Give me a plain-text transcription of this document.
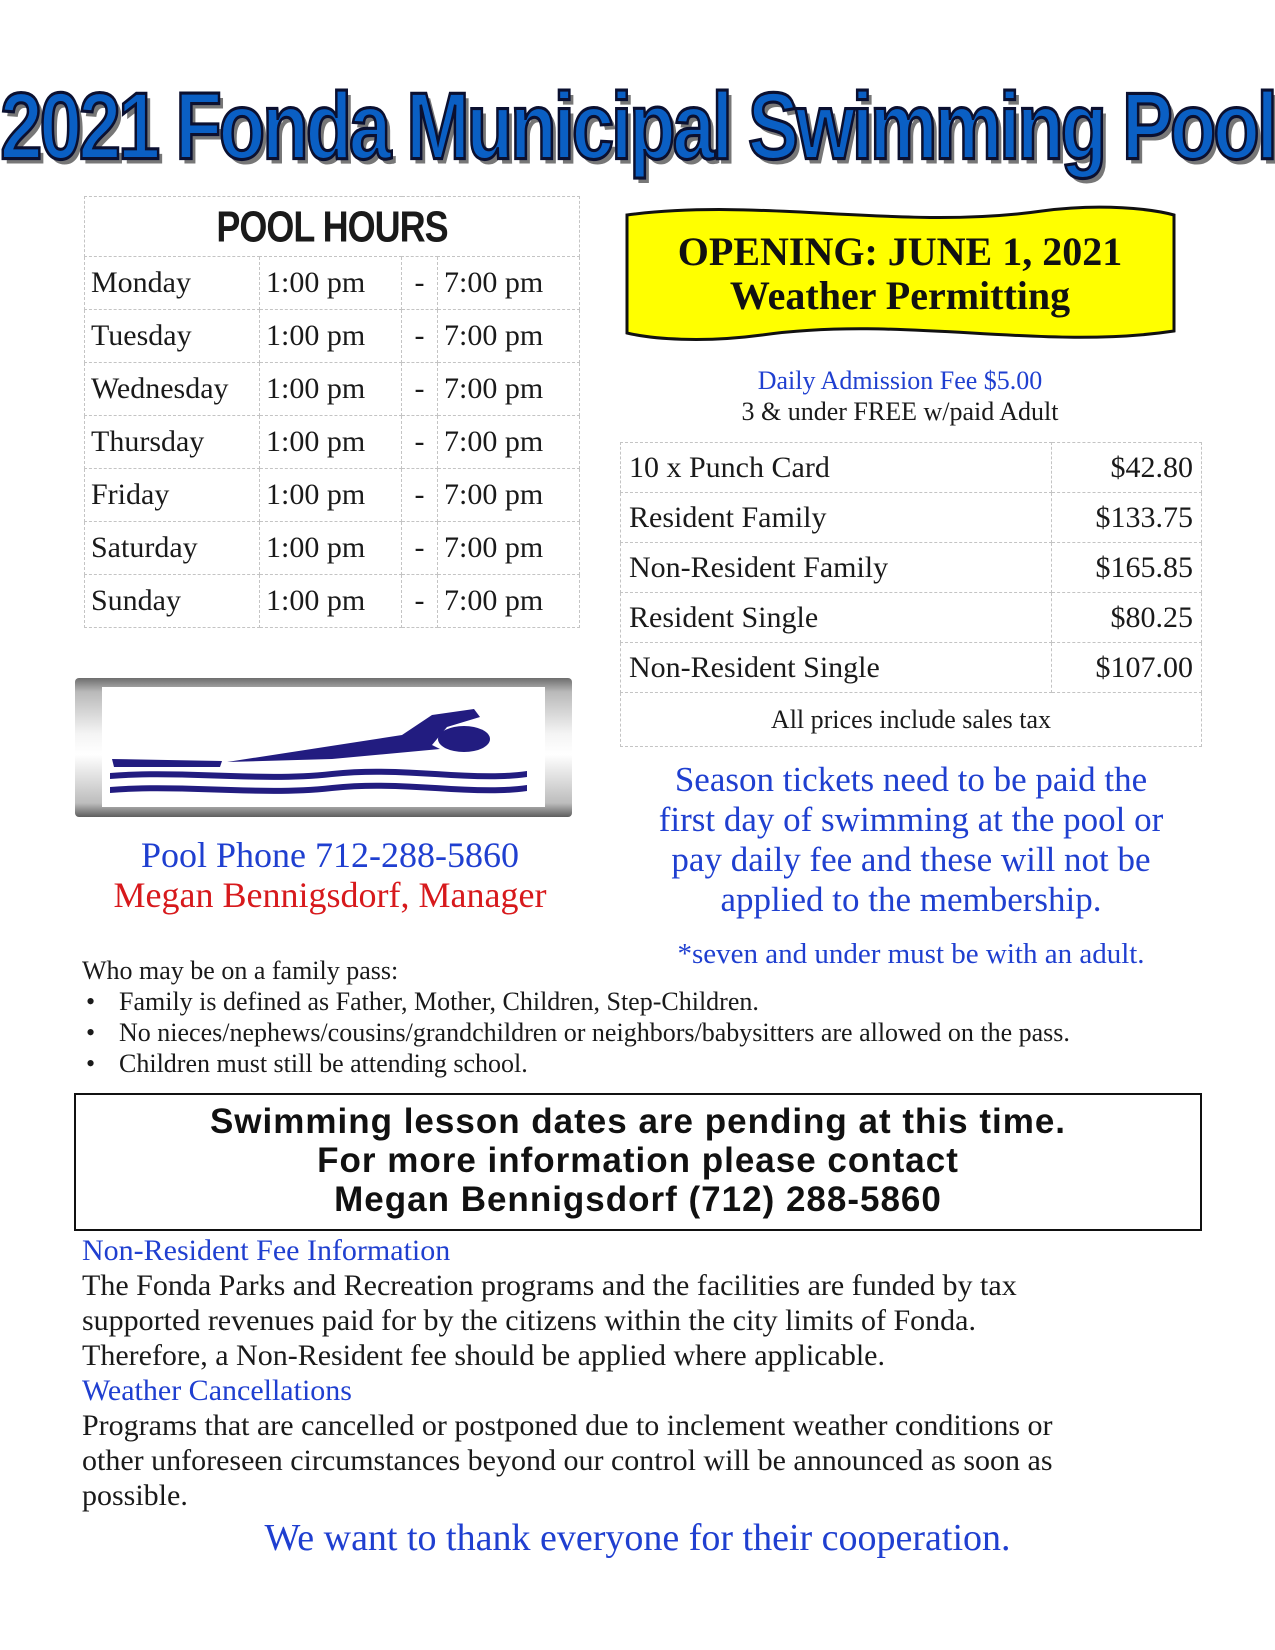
2021 Fonda Municipal Swimming Pool
POOL HOURS			
Monday	1:00 pm	-	7:00 pm
Tuesday	1:00 pm	-	7:00 pm
Wednesday	1:00 pm	-	7:00 pm
Thursday	1:00 pm	-	7:00 pm
Friday	1:00 pm	-	7:00 pm
Saturday	1:00 pm	-	7:00 pm
Sunday	1:00 pm	-	7:00 pm
OPENING: JUNE 1, 2021
Weather Permitting
Daily Admission Fee $5.00
3 & under FREE w/paid Adult
10 x Punch Card	$42.80
Resident Family	$133.75
Non-Resident Family	$165.85
Resident Single	$80.25
Non-Resident Single	$107.00
All prices include sales tax	
Pool Phone 712-288-5860
Megan Bennigsdorf, Manager
Season tickets need to be paid the
first day of swimming at the pool or
pay daily fee and these will not be
applied to the membership.
*seven and under must be with an adult.
Who may be on a family pass:
• Family is defined as Father, Mother, Children, Step-Children.
• No nieces/nephews/cousins/grandchildren or neighbors/babysitters are allowed on the pass.
• Children must still be attending school.
Swimming lesson dates are pending at this time.
For more information please contact
Megan Bennigsdorf (712) 288-5860
Non-Resident Fee Information
The Fonda Parks and Recreation programs and the facilities are funded by tax
supported revenues paid for by the citizens within the city limits of Fonda.
Therefore, a Non-Resident fee should be applied where applicable.
Weather Cancellations
Programs that are cancelled or postponed due to inclement weather conditions or
other unforeseen circumstances beyond our control will be announced as soon as
possible.
We want to thank everyone for their cooperation.
